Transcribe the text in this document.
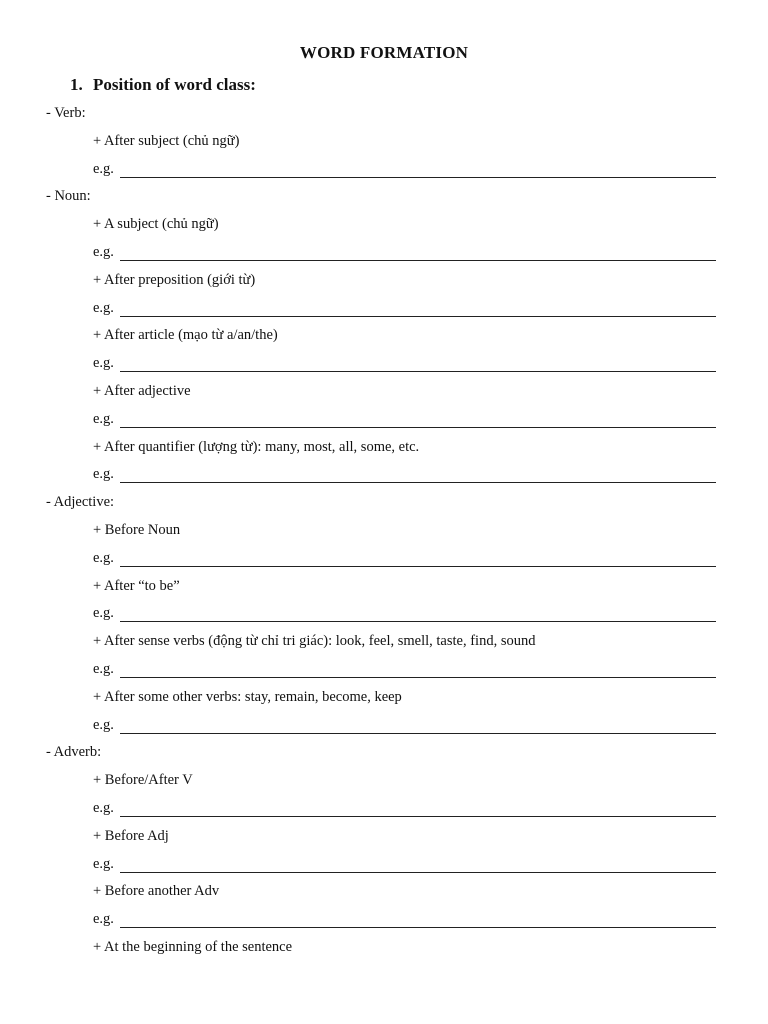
WORD FORMATION
1. Position of word class:
- Verb:
+ After subject (chủ ngữ)
e.g.
- Noun:
+ A subject (chủ ngữ)
e.g.
+ After preposition (giới từ)
e.g.
+ After article (mạo từ a/an/the)
e.g.
+ After adjective
e.g.
+ After quantifier (lượng từ): many, most, all, some, etc.
e.g.
- Adjective:
+ Before Noun
e.g.
+ After “to be”
e.g.
+ After sense verbs (động từ chỉ tri giác): look, feel, smell, taste, find, sound
e.g.
+ After some other verbs: stay, remain, become, keep
e.g.
- Adverb:
+ Before/After V
e.g.
+ Before Adj
e.g.
+ Before another Adv
e.g.
+ At the beginning of the sentence
